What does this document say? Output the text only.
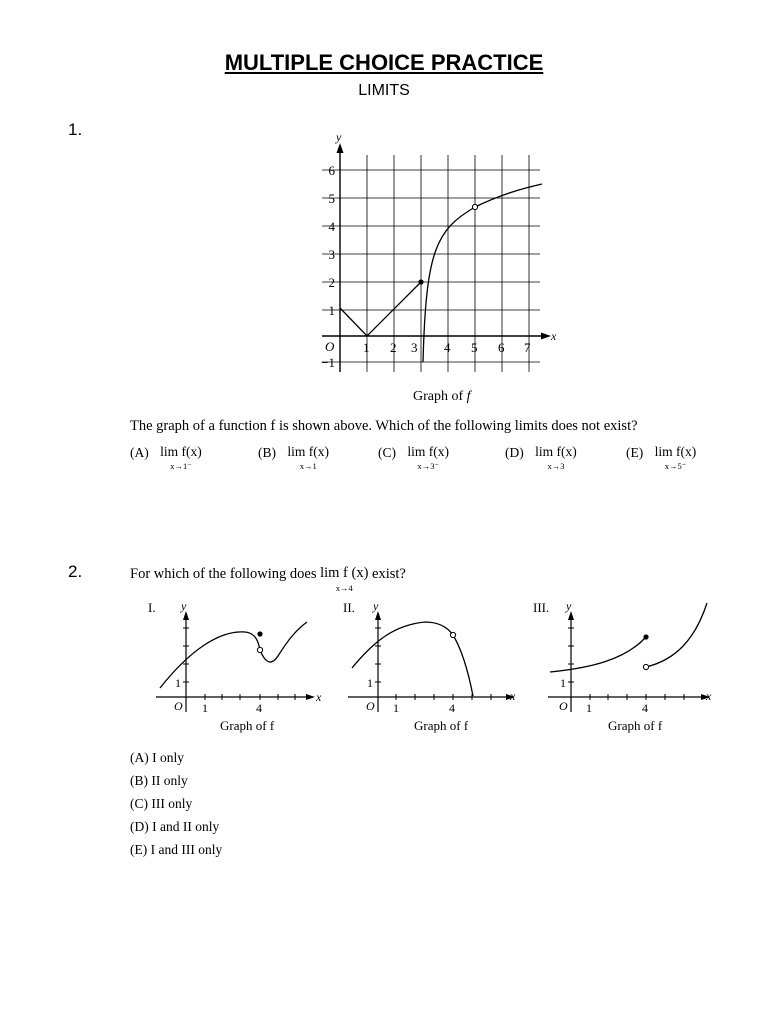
MULTIPLE CHOICE PRACTICE
LIMITS
1.	y
x
O 1 2 3 4 5 6 7
6
5
4
3
2
1
−1
Graph of f
The graph of a function f is shown above. Which of the following limits does not exist?
(A) lim f(x)
x→1⁻
(B) lim f(x)
x→1
(C) lim f(x)
x→3⁻
(D) lim f(x)
x→3
(E) lim f(x)
x→5⁻
2.	For which of the following does lim f (x)
x→4
exist?
I. y
1
O 1	4
x
Graph of f
II. y
1
O 1	4
x
Graph of f
III. y
1
O 1	4
x
Graph of f
(A) I only
(B) II only
(C) III only
(D) I and II only
(E) I and III only
